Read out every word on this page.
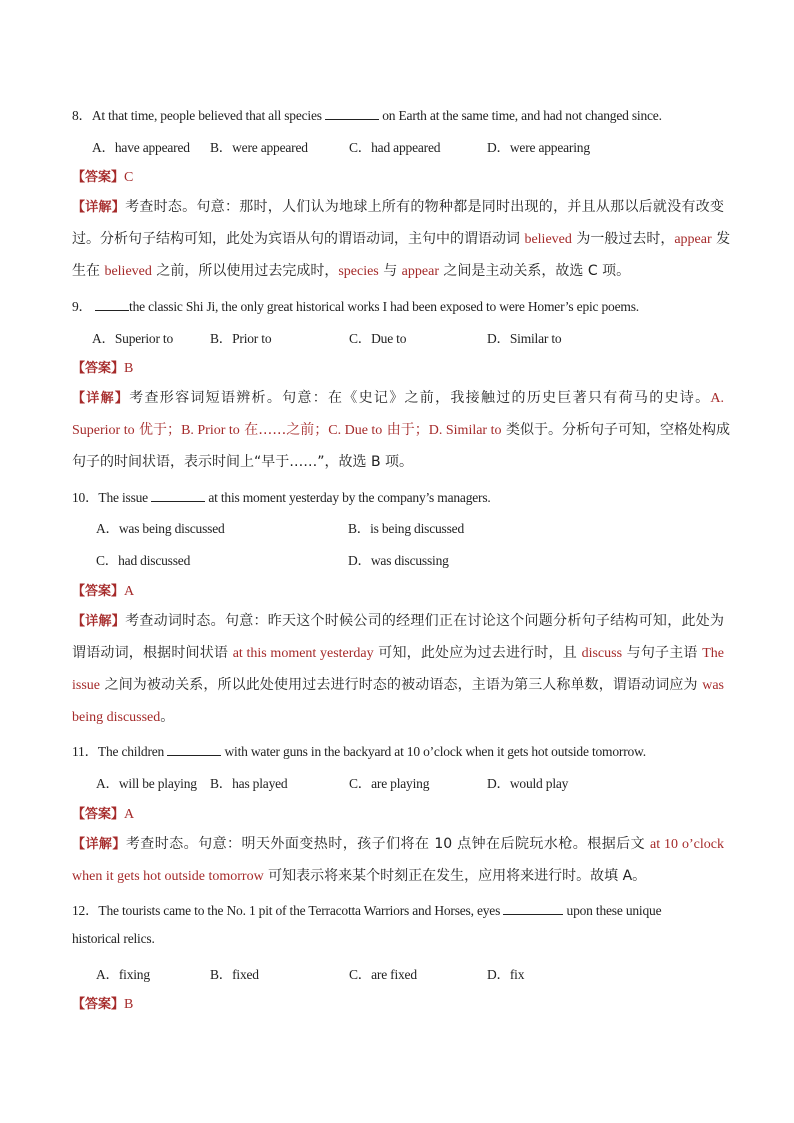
8．At that time, people believed that all species	on Earth at the same time, and had not changed since.
A．have appeared B．were appeared	C．had appeared	D．were appearing
【答案】C
【详解】考查时态。句意：那时，人们认为地球上所有的物种都是同时出现的，并且从那以后就没有改变
过。分析句子结构可知，此处为宾语从句的谓语动词，主句中的谓语动词 believed 为一般过去时，appear 发
生在 believed 之前，所以使用过去完成时，species 与 appear 之间是主动关系，故选 C 项。
9．	the classic Shi Ji, the only great historical works I had been exposed to were Homer’s epic poems.
A．Superior to	B．Prior to	C．Due to	D．Similar to
【答案】B
【详解】考查形容词短语辨析。句意：在《史记》之前，我接触过的历史巨著只有荷马的史诗。A.
Superior to 优于；B. Prior to 在……之前；C. Due to 由于；D. Similar to 类似于。分析句子可知，空格处构成
句子的时间状语，表示时间上“早于……”，故选 B 项。
10．The issue	at this moment yesterday by the company’s managers.
A．was being discussed	B．is being discussed
C．had discussed	D．was discussing
【答案】A
【详解】考查动词时态。句意：昨天这个时候公司的经理们正在讨论这个问题分析句子结构可知，此处为
谓语动词，根据时间状语 at this moment yesterday 可知，此处应为过去进行时，且 discuss 与句子主语 The
issue 之间为被动关系，所以此处使用过去进行时态的被动语态，主语为第三人称单数，谓语动词应为 was
being discussed。
11．The children	with water guns in the backyard at 10 o’clock when it gets hot outside tomorrow.
A．will be playing B．has played	C．are playing	D．would play
【答案】A
【详解】考查时态。句意：明天外面变热时，孩子们将在 10 点钟在后院玩水枪。根据后文 at 10 o’clock
when it gets hot outside tomorrow 可知表示将来某个时刻正在发生，应用将来进行时。故填 A。
12．The tourists came to the No. 1 pit of the Terracotta Warriors and Horses, eyes	upon these unique
historical relics.
A．fixing	B．fixed	C．are fixed	D．fix
【答案】B
